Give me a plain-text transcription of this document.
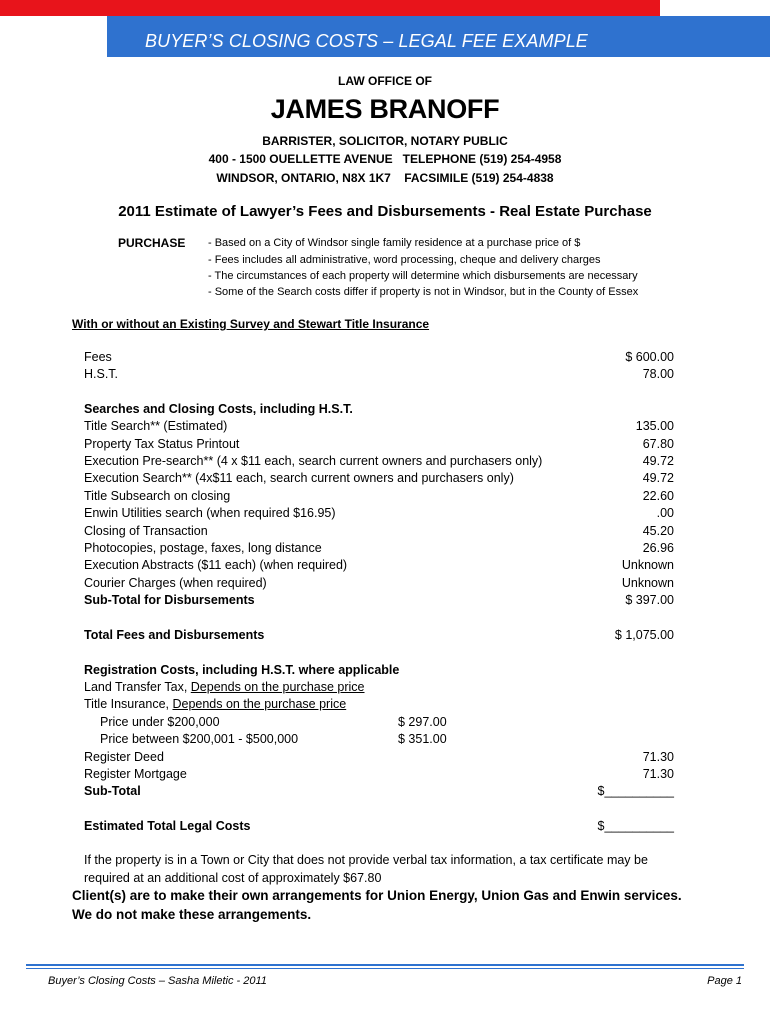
BUYER’S CLOSING COSTS – LEGAL FEE EXAMPLE
LAW OFFICE OF
JAMES BRANOFF
BARRISTER, SOLICITOR, NOTARY PUBLIC
400 - 1500 OUELLETTE AVENUE   TELEPHONE (519) 254-4958
WINDSOR, ONTARIO, N8X 1K7    FACSIMILE (519) 254-4838
2011 Estimate of Lawyer’s Fees and Disbursements - Real Estate Purchase
PURCHASE - Based on a City of Windsor single family residence at a purchase price of $
- Fees includes all administrative, word processing, cheque and delivery charges
- The circumstances of each property will determine which disbursements are necessary
- Some of the Search costs differ if property is not in Windsor, but in the County of Essex
With or without an Existing Survey and Stewart Title Insurance
Fees	$ 600.00
H.S.T.	78.00
Searches and Closing Costs, including H.S.T.
Title Search** (Estimated)	135.00
Property Tax Status Printout	67.80
Execution Pre-search** (4 x $11 each, search current owners and purchasers only)	49.72
Execution Search** (4x$11 each, search current owners and purchasers only)	49.72
Title Subsearch on closing	22.60
Enwin Utilities search (when required $16.95)	.00
Closing of Transaction	45.20
Photocopies, postage, faxes, long distance	26.96
Execution Abstracts ($11 each) (when required)	Unknown
Courier Charges (when required)	Unknown
Sub-Total for Disbursements	$ 397.00
Total Fees and Disbursements	$ 1,075.00
Registration Costs, including H.S.T. where applicable
Land Transfer Tax, Depends on the purchase price
Title Insurance, Depends on the purchase price
Price under $200,000	$ 297.00
Price between $200,001 - $500,000	$ 351.00
Register Deed	71.30
Register Mortgage	71.30
Sub-Total	$__________
Estimated Total Legal Costs	$__________
If the property is in a Town or City that does not provide verbal tax information, a tax certificate may be
required at an additional cost of approximately $67.80
Client(s) are to make their own arrangements for Union Energy, Union Gas and Enwin services.
We do not make these arrangements.
Buyer’s Closing Costs – Sasha Miletic - 2011	Page 1
